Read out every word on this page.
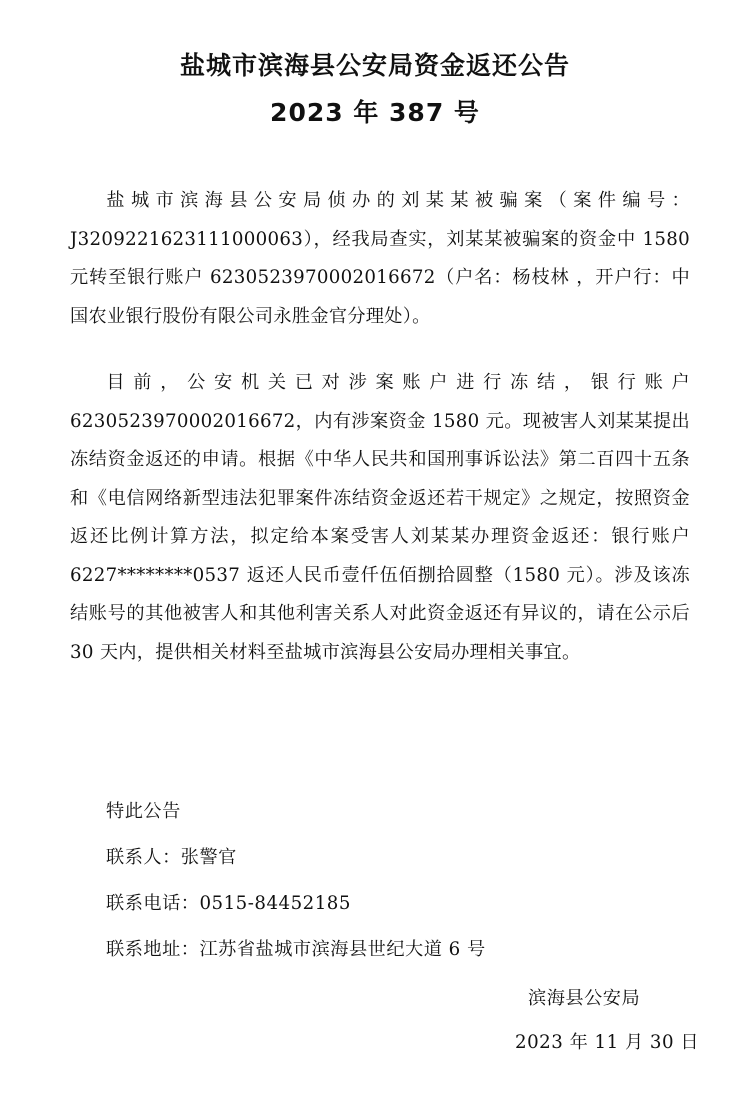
盐城市滨海县公安局资金返还公告
2023 年 387 号

盐城市滨海县公安局侦办的刘某某被骗案（案件编号：J3209221623111000063），经我局查实，刘某某被骗案的资金中 1580 元转至银行账户 6230523970002016672（户名：杨枝林 ，开户行：中国农业银行股份有限公司永胜金官分理处）。

目前，公安机关已对涉案账户进行冻结，银行账户 6230523970002016672，内有涉案资金 1580 元。现被害人刘某某提出冻结资金返还的申请。根据《中华人民共和国刑事诉讼法》第二百四十五条和《电信网络新型违法犯罪案件冻结资金返还若干规定》之规定，按照资金返还比例计算方法，拟定给本案受害人刘某某办理资金返还：银行账户 6227********0537 返还人民币壹仟伍佰捌拾圆整（1580 元）。涉及该冻结账号的其他被害人和其他利害关系人对此资金返还有异议的，请在公示后 30 天内，提供相关材料至盐城市滨海县公安局办理相关事宜。

特此公告

联系人：张警官

联系电话：0515-84452185

联系地址：江苏省盐城市滨海县世纪大道 6 号

滨海县公安局

2023 年 11 月 30 日
